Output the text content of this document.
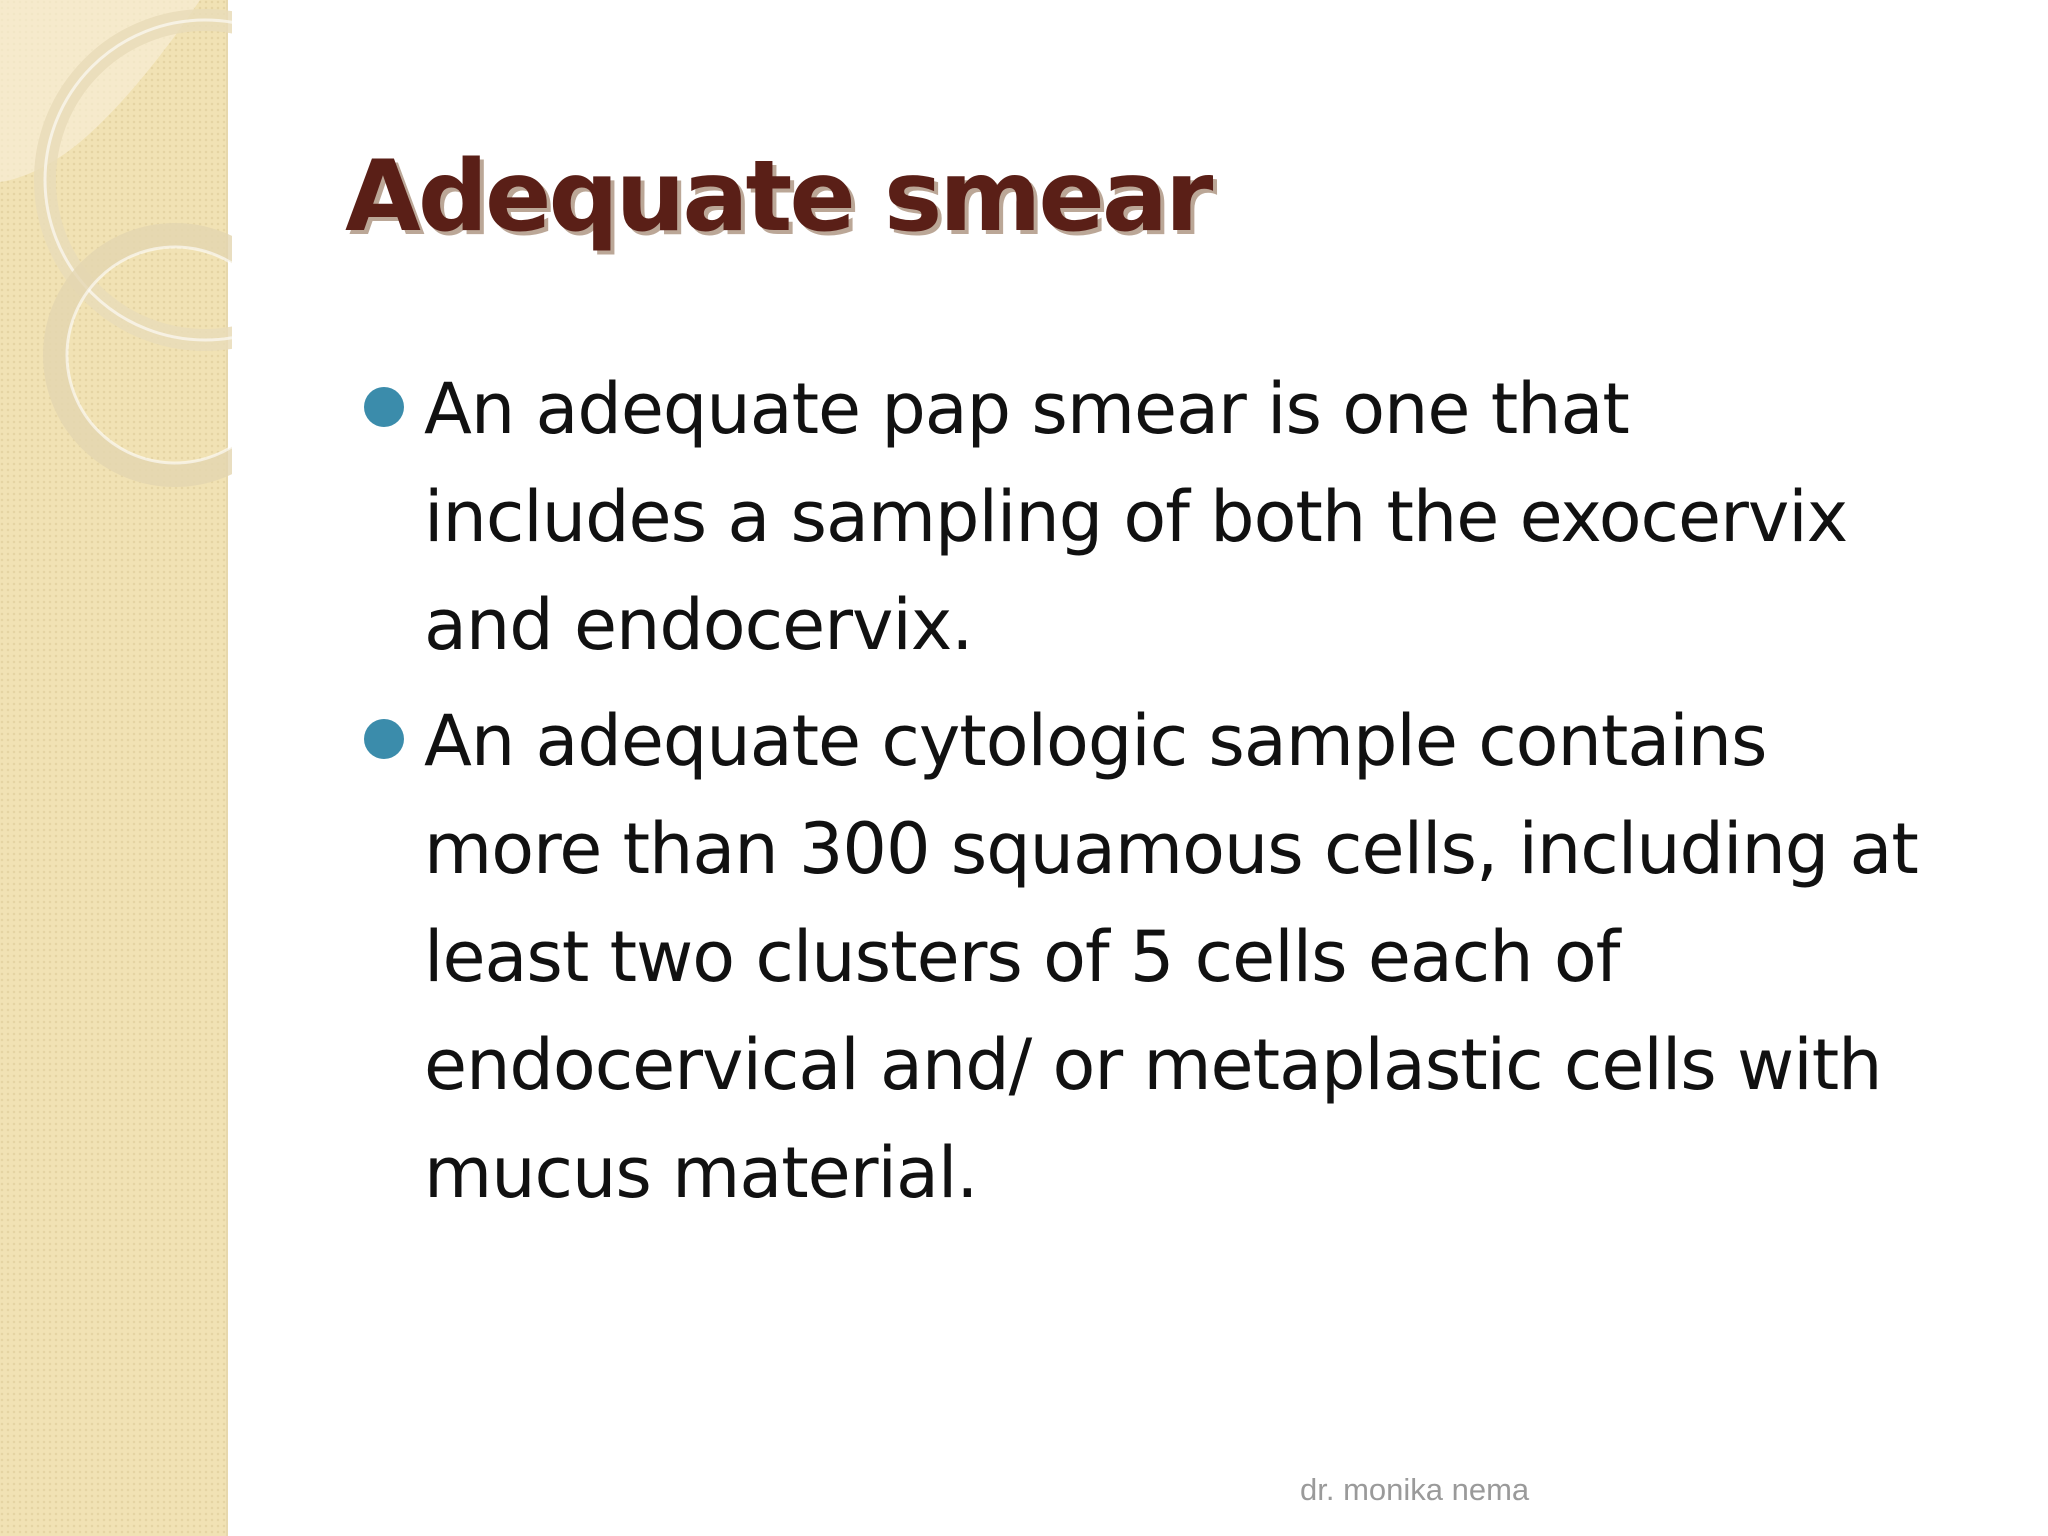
Adequate smear
An adequate pap smear is one that includes a sampling of both the exocervix and endocervix.
An adequate cytologic sample contains more than 300 squamous cells, including at least two clusters of 5 cells each of endocervical and/ or metaplastic cells with mucus material.
dr. monika nema
